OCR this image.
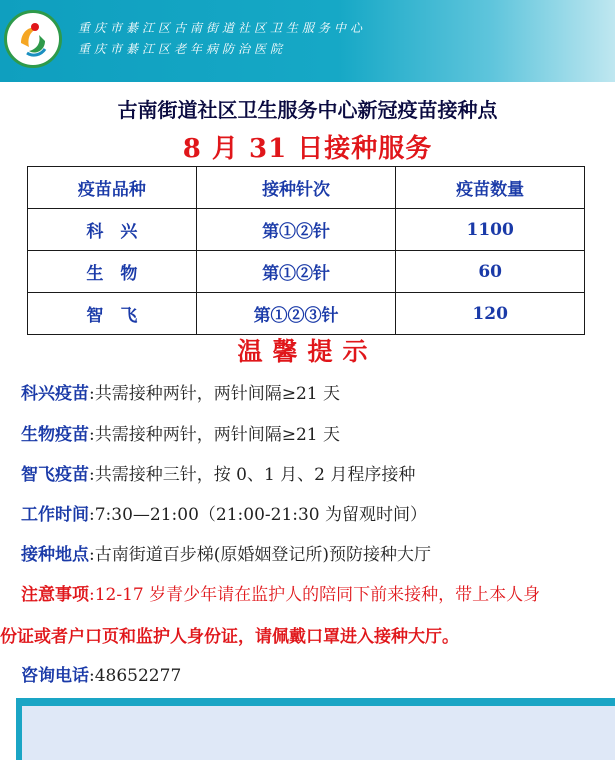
重庆市綦江区古南街道社区卫生服务中心
重庆市綦江区老年病防治医院
古南街道社区卫生服务中心新冠疫苗接种点
8 月 31 日接种服务
疫苗品种	接种针次	疫苗数量
科　兴	第①②针	1100
生　物	第①②针	60
智　飞	第①②③针	120
温馨提示
科兴疫苗:共需接种两针，两针间隔≥21 天
生物疫苗:共需接种两针，两针间隔≥21 天
智飞疫苗:共需接种三针，按 0、1 月、2 月程序接种
工作时间:7:30—21:00（21:00-21:30 为留观时间）
接种地点:古南街道百步梯(原婚姻登记所)预防接种大厅
注意事项:12-17 岁青少年请在监护人的陪同下前来接种，带上本人身
份证或者户口页和监护人身份证，请佩戴口罩进入接种大厅。
咨询电话:48652277
